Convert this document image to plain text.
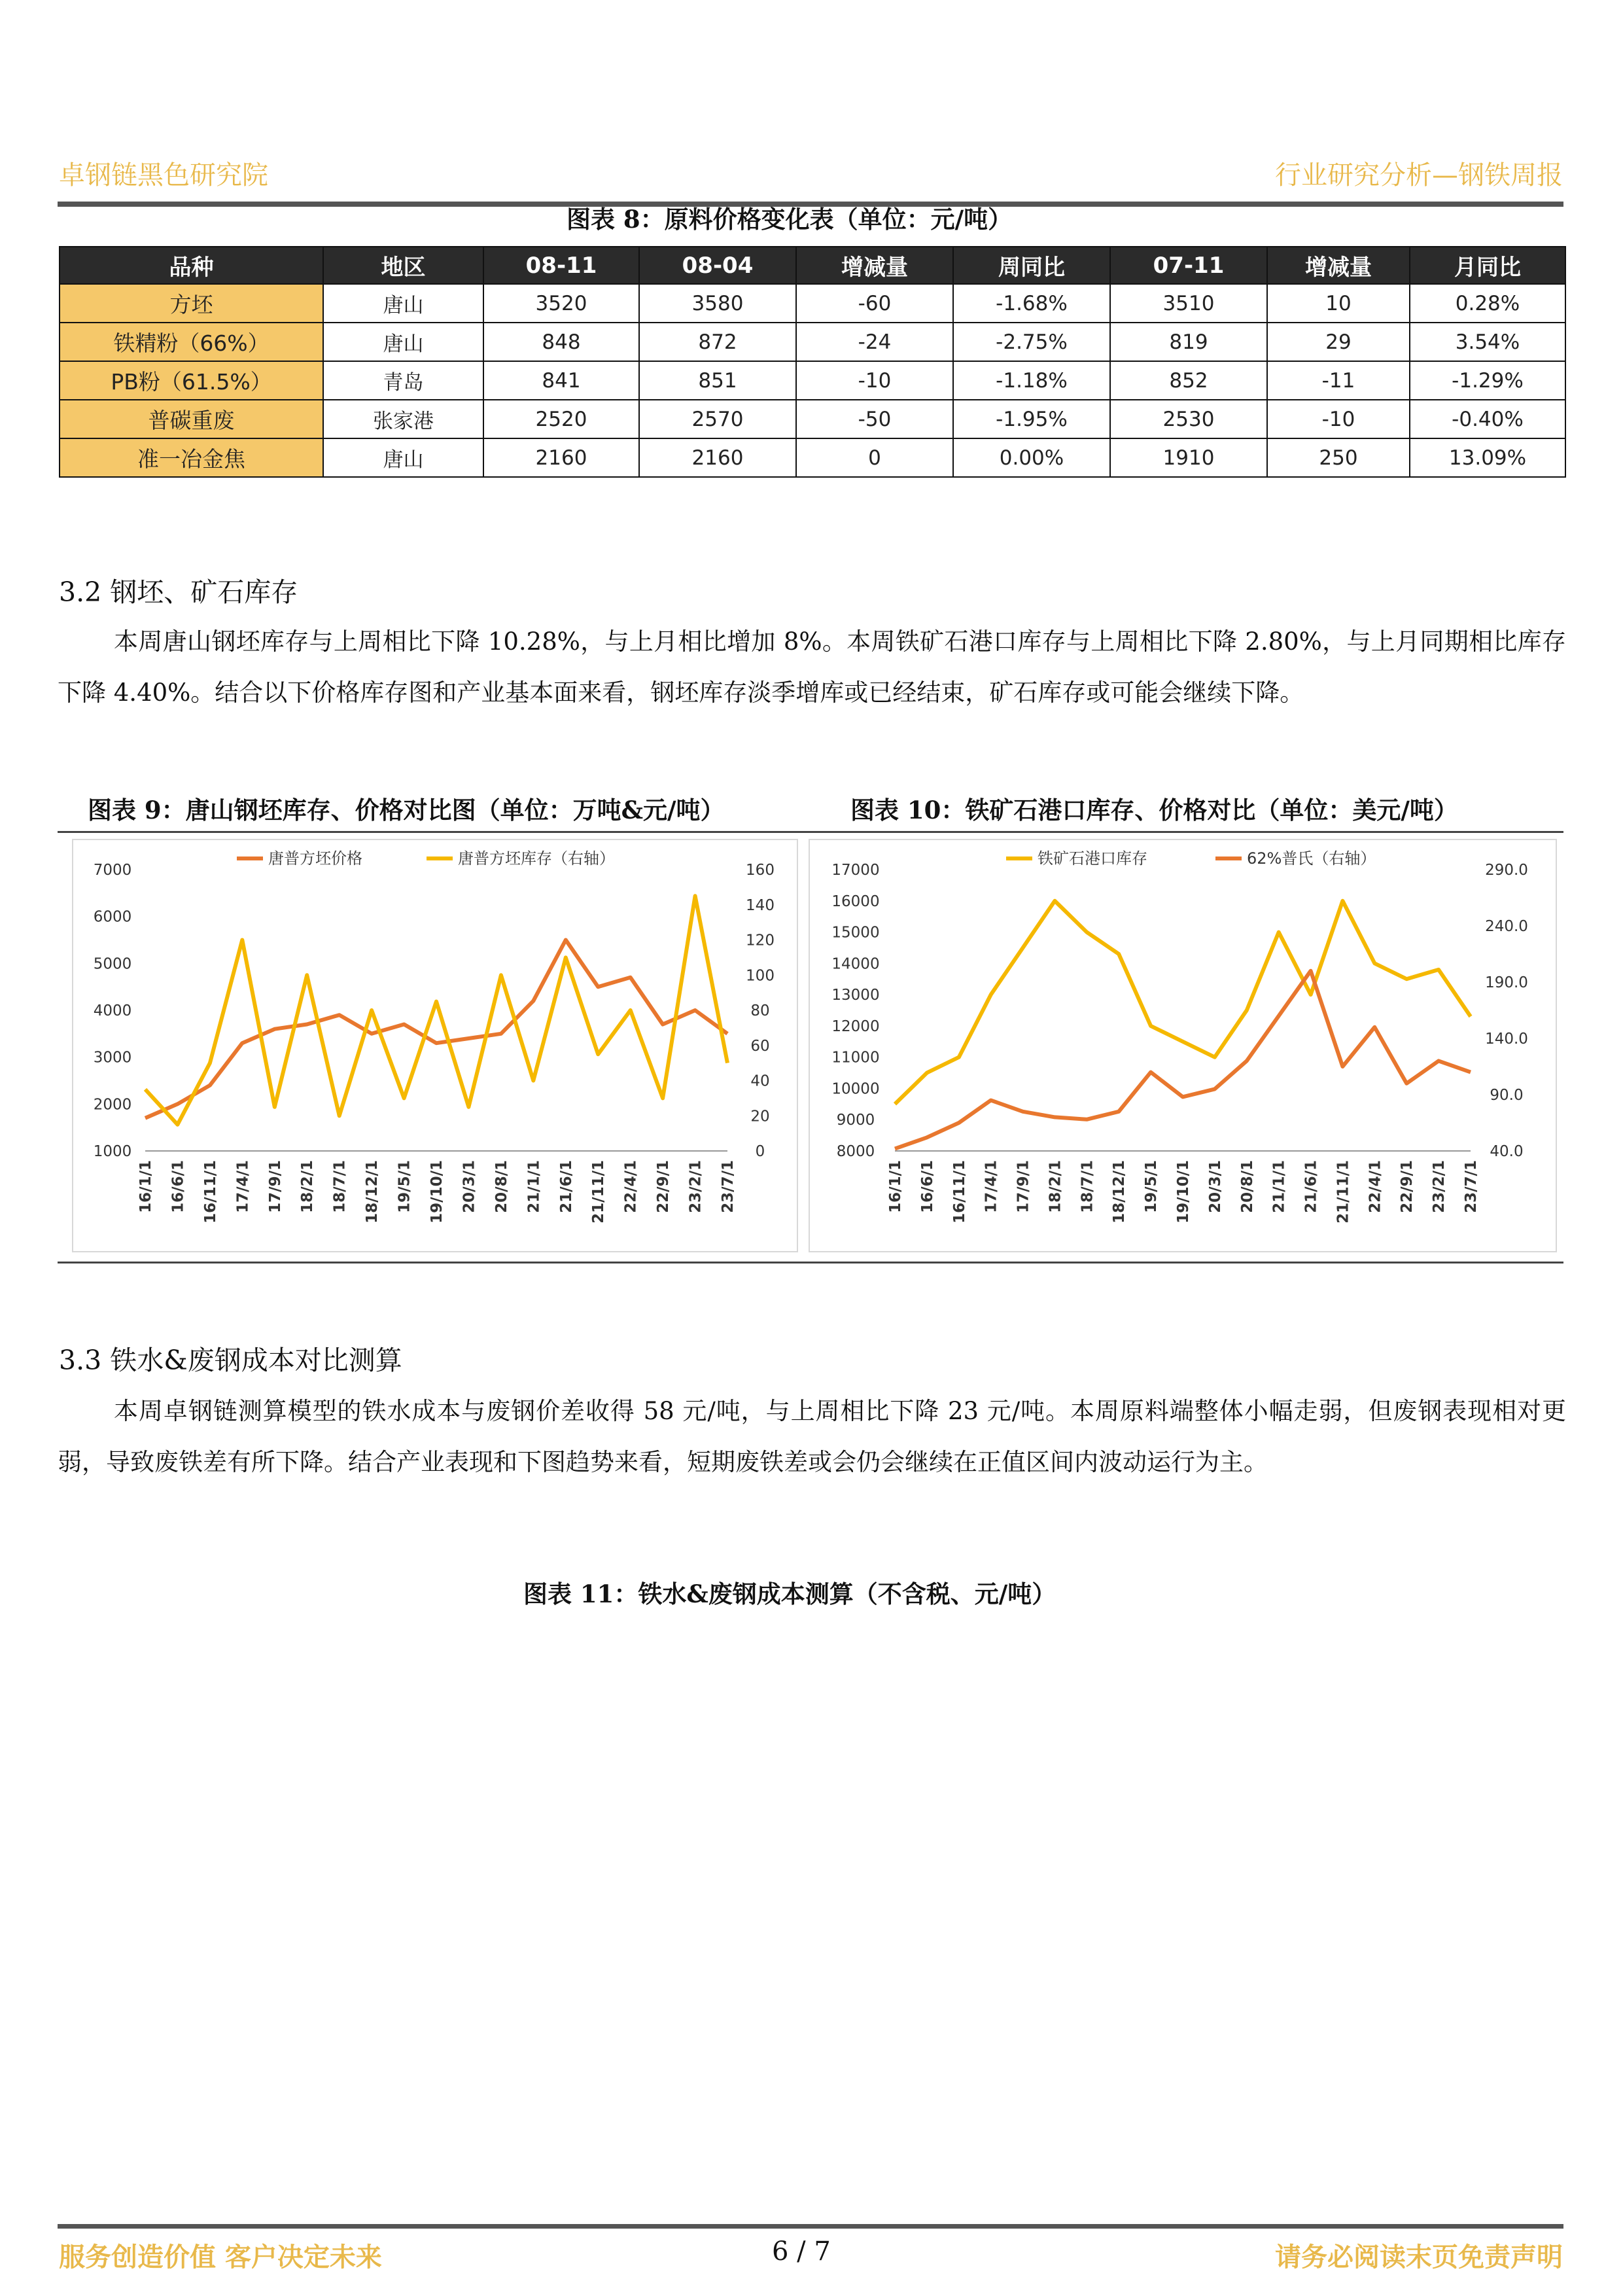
卓钢链黑色研究院	行业研究分析—钢铁周报
图表 8：原料价格变化表（单位：元/吨）
品种	地区	08-11	08-04	增减量	周同比	07-11	增减量	月同比
方坯	唐山	3520	3580	-60	-1.68%	3510	10	0.28%
铁精粉（66%）	唐山	848	872	-24	-2.75%	819	29	3.54%
PB粉（61.5%）	青岛	841	851	-10	-1.18%	852	-11	-1.29%
普碳重废	张家港	2520	2570	-50	-1.95%	2530	-10	-0.40%
准一冶金焦	唐山	2160	2160	0	0.00%	1910	250	13.09%
3.2 钢坯、矿石库存
本周唐山钢坯库存与上周相比下降 10.28%，与上月相比增加 8%。本周铁矿石港口库存与上周相比下降 2.80%，与上月同期相比库存下降 4.40%。结合以下价格库存图和产业基本面来看，钢坯库存淡季增库或已经结束，矿石库存或可能会继续下降。
图表 9：唐山钢坯库存、价格对比图（单位：万吨&元/吨）	图表 10：铁矿石港口库存、价格对比（单位：美元/吨）
7000
6000
5000
4000
3000
2000
1000
160
140
120
100
80
60
40
20
0
16/1/1 16/6/1 16/11/1 17/4/1 17/9/1 18/2/1 18/7/1 18/12/1 19/5/1 19/10/1 20/3/1 20/8/1 21/1/1 21/6/1 21/11/1 22/4/1 22/9/1 23/2/1 23/7/1
唐普方坯价格	唐普方坯库存（右轴）
17000
16000
15000
14000
13000
12000
11000
10000
9000
8000
290.0
240.0
190.0
140.0
90.0
40.0
16/1/1 16/6/1 16/11/1 17/4/1 17/9/1 18/2/1 18/7/1 18/12/1 19/5/1 19/10/1 20/3/1 20/8/1 21/1/1 21/6/1 21/11/1 22/4/1 22/9/1 23/2/1 23/7/1
铁矿石港口库存	62%普氏（右轴）
3.3 铁水&废钢成本对比测算
本周卓钢链测算模型的铁水成本与废钢价差收得 58 元/吨，与上周相比下降 23 元/吨。本周原料端整体小幅走弱，但废钢表现相对更弱，导致废铁差有所下降。结合产业表现和下图趋势来看，短期废铁差或会仍会继续在正值区间内波动运行为主。
图表 11：铁水&废钢成本测算（不含税、元/吨）
服务创造价值 客户决定未来	6 / 7	请务必阅读末页免责声明
